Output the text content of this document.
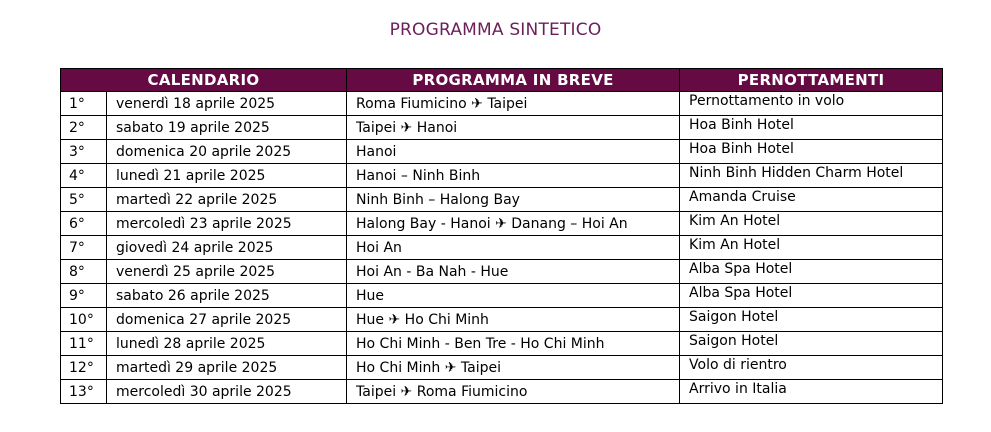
PROGRAMMA SINTETICO
CALENDARIO		PROGRAMMA IN BREVE	PERNOTTAMENTI
1°	venerdì 18 aprile 2025	Roma Fiumicino ✈ Taipei	Pernottamento in volo
2°	sabato 19 aprile 2025	Taipei ✈ Hanoi	Hoa Binh Hotel
3°	domenica 20 aprile 2025	Hanoi	Hoa Binh Hotel
4°	lunedì 21 aprile 2025	Hanoi – Ninh Binh	Ninh Binh Hidden Charm Hotel
5°	martedì 22 aprile 2025	Ninh Binh – Halong Bay	Amanda Cruise
6°	mercoledì 23 aprile 2025	Halong Bay - Hanoi ✈ Danang – Hoi An	Kim An Hotel
7°	giovedì 24 aprile 2025	Hoi An	Kim An Hotel
8°	venerdì 25 aprile 2025	Hoi An - Ba Nah - Hue	Alba Spa Hotel
9°	sabato 26 aprile 2025	Hue	Alba Spa Hotel
10°	domenica 27 aprile 2025	Hue ✈ Ho Chi Minh	Saigon Hotel
11°	lunedì 28 aprile 2025	Ho Chi Minh - Ben Tre - Ho Chi Minh	Saigon Hotel
12°	martedì 29 aprile 2025	Ho Chi Minh ✈ Taipei	Volo di rientro
13°	mercoledì 30 aprile 2025	Taipei ✈ Roma Fiumicino	Arrivo in Italia
